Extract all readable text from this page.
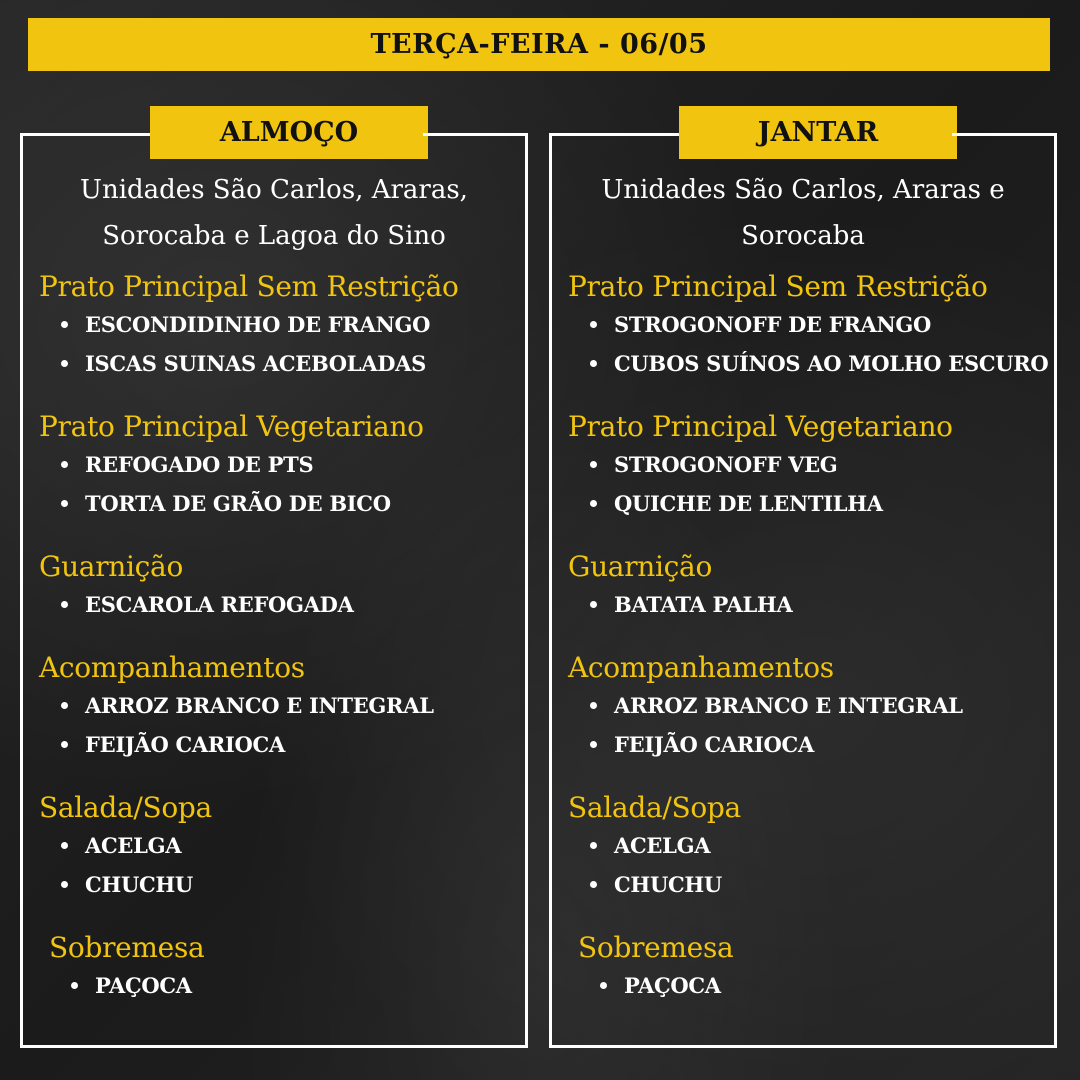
TERÇA-FEIRA - 06/05
ALMOÇO
Unidades São Carlos, Araras,
Sorocaba e Lagoa do Sino
Prato Principal Sem Restrição
ESCONDIDINHO DE FRANGO
ISCAS SUINAS ACEBOLADAS
Prato Principal Vegetariano
REFOGADO DE PTS
TORTA DE GRÃO DE BICO
Guarnição
ESCAROLA REFOGADA
Acompanhamentos
ARROZ BRANCO E INTEGRAL
FEIJÃO CARIOCA
Salada/Sopa
ACELGA
CHUCHU
Sobremesa
PAÇOCA
JANTAR
Unidades São Carlos, Araras e
Sorocaba
Prato Principal Sem Restrição
STROGONOFF DE FRANGO
CUBOS SUÍNOS AO MOLHO ESCURO
Prato Principal Vegetariano
STROGONOFF VEG
QUICHE DE LENTILHA
Guarnição
BATATA PALHA
Acompanhamentos
ARROZ BRANCO E INTEGRAL
FEIJÃO CARIOCA
Salada/Sopa
ACELGA
CHUCHU
Sobremesa
PAÇOCA
